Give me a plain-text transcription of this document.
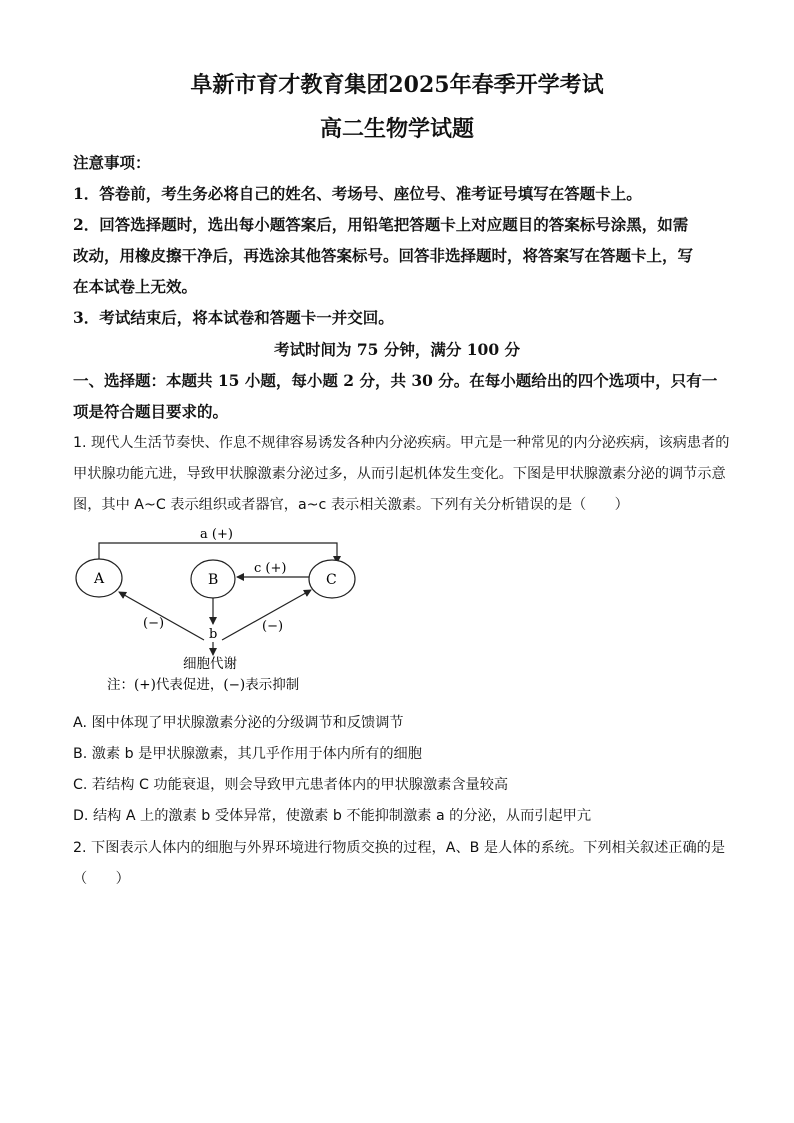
阜新市育才教育集团2025年春季开学考试
高二生物学试题
注意事项：
1．答卷前，考生务必将自己的姓名、考场号、座位号、准考证号填写在答题卡上。
2．回答选择题时，选出每小题答案后，用铅笔把答题卡上对应题目的答案标号涂黑，如需
改动，用橡皮擦干净后，再选涂其他答案标号。回答非选择题时，将答案写在答题卡上，写
在本试卷上无效。
3．考试结束后，将本试卷和答题卡一并交回。
考试时间为 75 分钟，满分 100 分
一、选择题：本题共 15 小题，每小题 2 分，共 30 分。在每小题给出的四个选项中，只有一
项是符合题目要求的。
1. 现代人生活节奏快、作息不规律容易诱发各种内分泌疾病。甲亢是一种常见的内分泌疾病，该病患者的
甲状腺功能亢进，导致甲状腺激素分泌过多，从而引起机体发生变化。下图是甲状腺激素分泌的调节示意
图，其中 A~C 表示组织或者器官，a~c 表示相关激素。下列有关分析错误的是（　　）
a (+)
A	B	C
c (+)
b
(−)	(−)
细胞代谢
注：(+)代表促进，(−)表示抑制
A. 图中体现了甲状腺激素分泌的分级调节和反馈调节
B. 激素 b 是甲状腺激素，其几乎作用于体内所有的细胞
C. 若结构 C 功能衰退，则会导致甲亢患者体内的甲状腺激素含量较高
D. 结构 A 上的激素 b 受体异常，使激素 b 不能抑制激素 a 的分泌，从而引起甲亢
2. 下图表示人体内的细胞与外界环境进行物质交换的过程，A、B 是人体的系统。下列相关叙述正确的是
（　　）
